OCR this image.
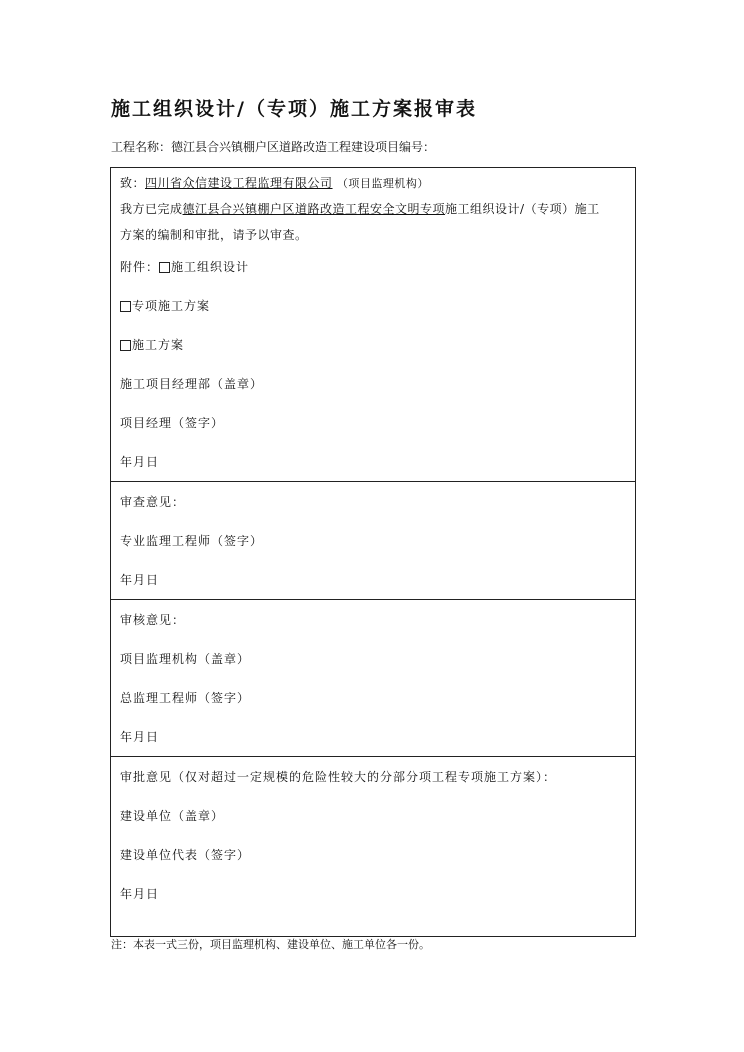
施工组织设计/（专项）施工方案报审表
工程名称：德江县合兴镇棚户区道路改造工程建设项目编号：
致：四川省众信建设工程监理有限公司 （项目监理机构）
我方已完成德江县合兴镇棚户区道路改造工程安全文明专项施工组织设计/（专项）施工
方案的编制和审批，请予以审查。
附件： 施工组织设计
专项施工方案
施工方案
施工项目经理部（盖章）
项目经理（签字）
年月日
审查意见：
专业监理工程师（签字）
年月日
审核意见：
项目监理机构（盖章）
总监理工程师（签字）
年月日
审批意见（仅对超过一定规模的危险性较大的分部分项工程专项施工方案）：
建设单位（盖章）
建设单位代表（签字）
年月日
注：本表一式三份，项目监理机构、建设单位、施工单位各一份。
